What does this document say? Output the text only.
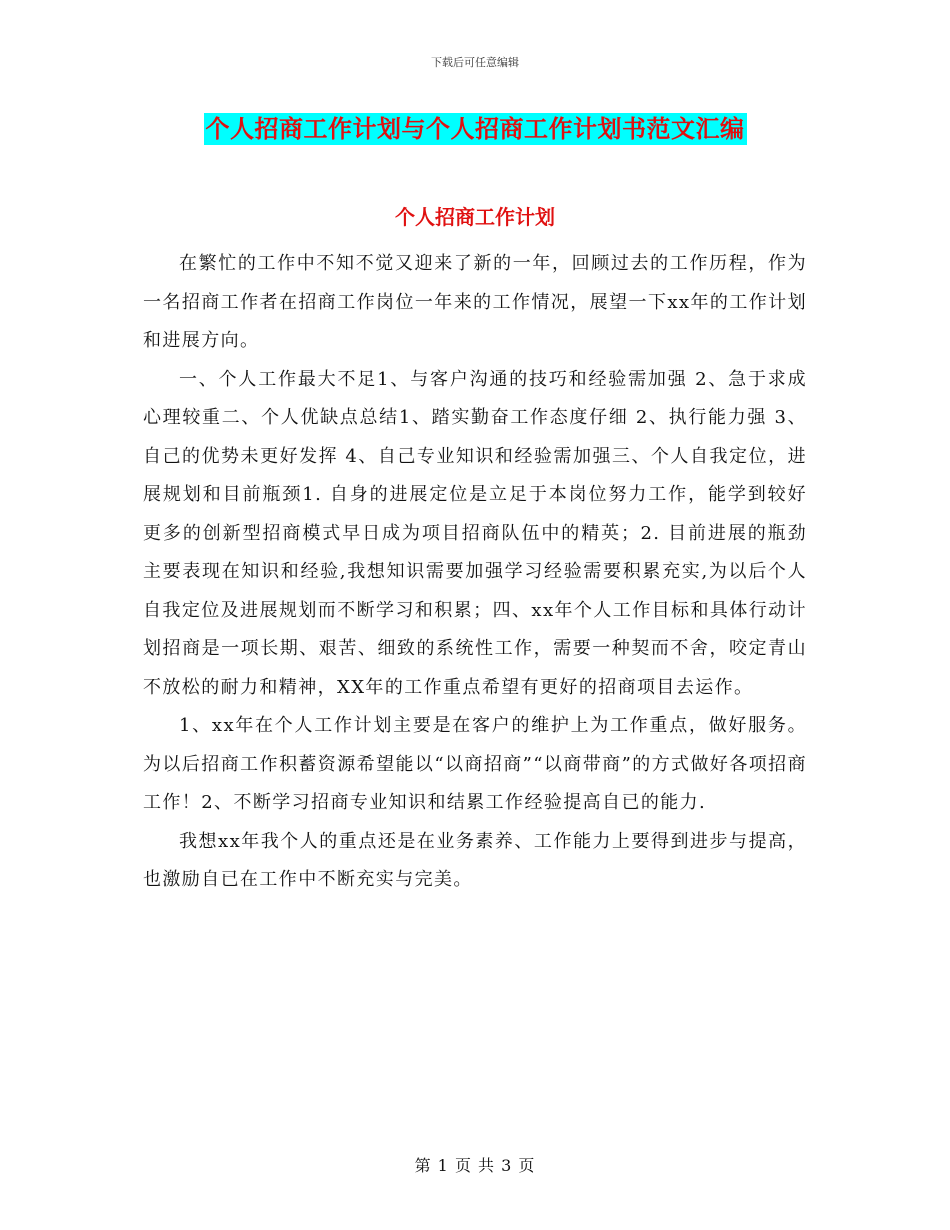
下载后可任意编辑
个人招商工作计划与个人招商工作计划书范文汇编
个人招商工作计划

在繁忙的工作中不知不觉又迎来了新的一年，回顾过去的工作历程，作为一名招商工作者在招商工作岗位一年来的工作情况，展望一下xx年的工作计划和进展方向。

一、个人工作最大不足1、与客户沟通的技巧和经验需加强 2、急于求成心理较重二、个人优缺点总结1、踏实勤奋工作态度仔细 2、执行能力强 3、自己的优势未更好发挥 4、自己专业知识和经验需加强三、个人自我定位，进展规划和目前瓶颈1. 自身的进展定位是立足于本岗位努力工作，能学到较好更多的创新型招商模式早日成为项目招商队伍中的精英；2. 目前进展的瓶劲主要表现在知识和经验,我想知识需要加强学习经验需要积累充实,为以后个人自我定位及进展规划而不断学习和积累；四、xx年个人工作目标和具体行动计划招商是一项长期、艰苦、细致的系统性工作，需要一种契而不舍，咬定青山不放松的耐力和精神，XX年的工作重点希望有更好的招商项目去运作。

1、xx年在个人工作计划主要是在客户的维护上为工作重点，做好服务。为以后招商工作积蓄资源希望能以“以商招商”“以商带商”的方式做好各项招商工作！2、不断学习招商专业知识和结累工作经验提高自已的能力.

我想xx年我个人的重点还是在业务素养、工作能力上要得到进步与提高，也激励自已在工作中不断充实与完美。

第 1 页 共 3 页
